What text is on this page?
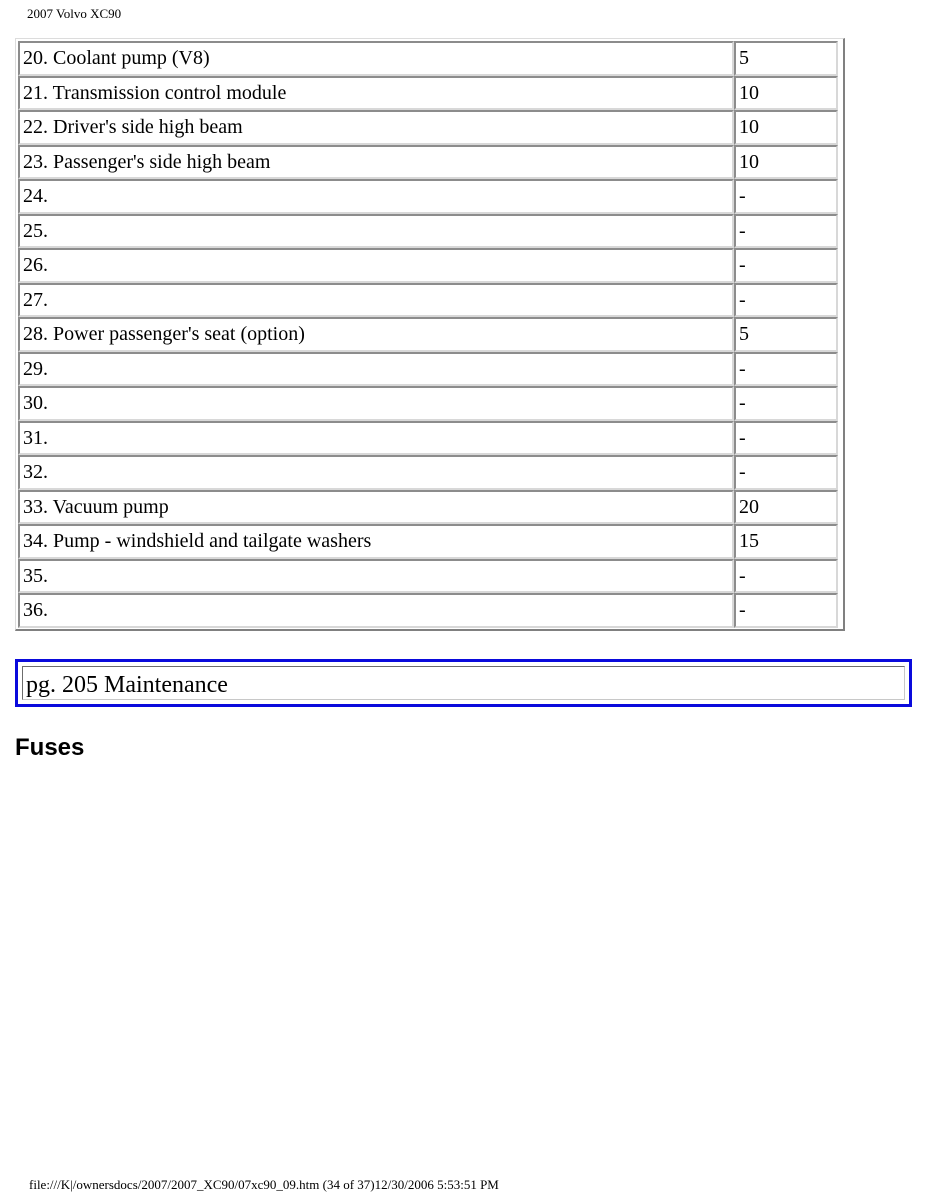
2007 Volvo XC90
20. Coolant pump (V8)	5
21. Transmission control module	10
22. Driver's side high beam	10
23. Passenger's side high beam	10
24.	-
25.	-
26.	-
27.	-
28. Power passenger's seat (option)	5
29.	-
30.	-
31.	-
32.	-
33. Vacuum pump	20
34. Pump - windshield and tailgate washers	15
35.	-
36.	-
pg. 205 Maintenance
Fuses
file:///K|/ownersdocs/2007/2007_XC90/07xc90_09.htm (34 of 37)12/30/2006 5:53:51 PM
